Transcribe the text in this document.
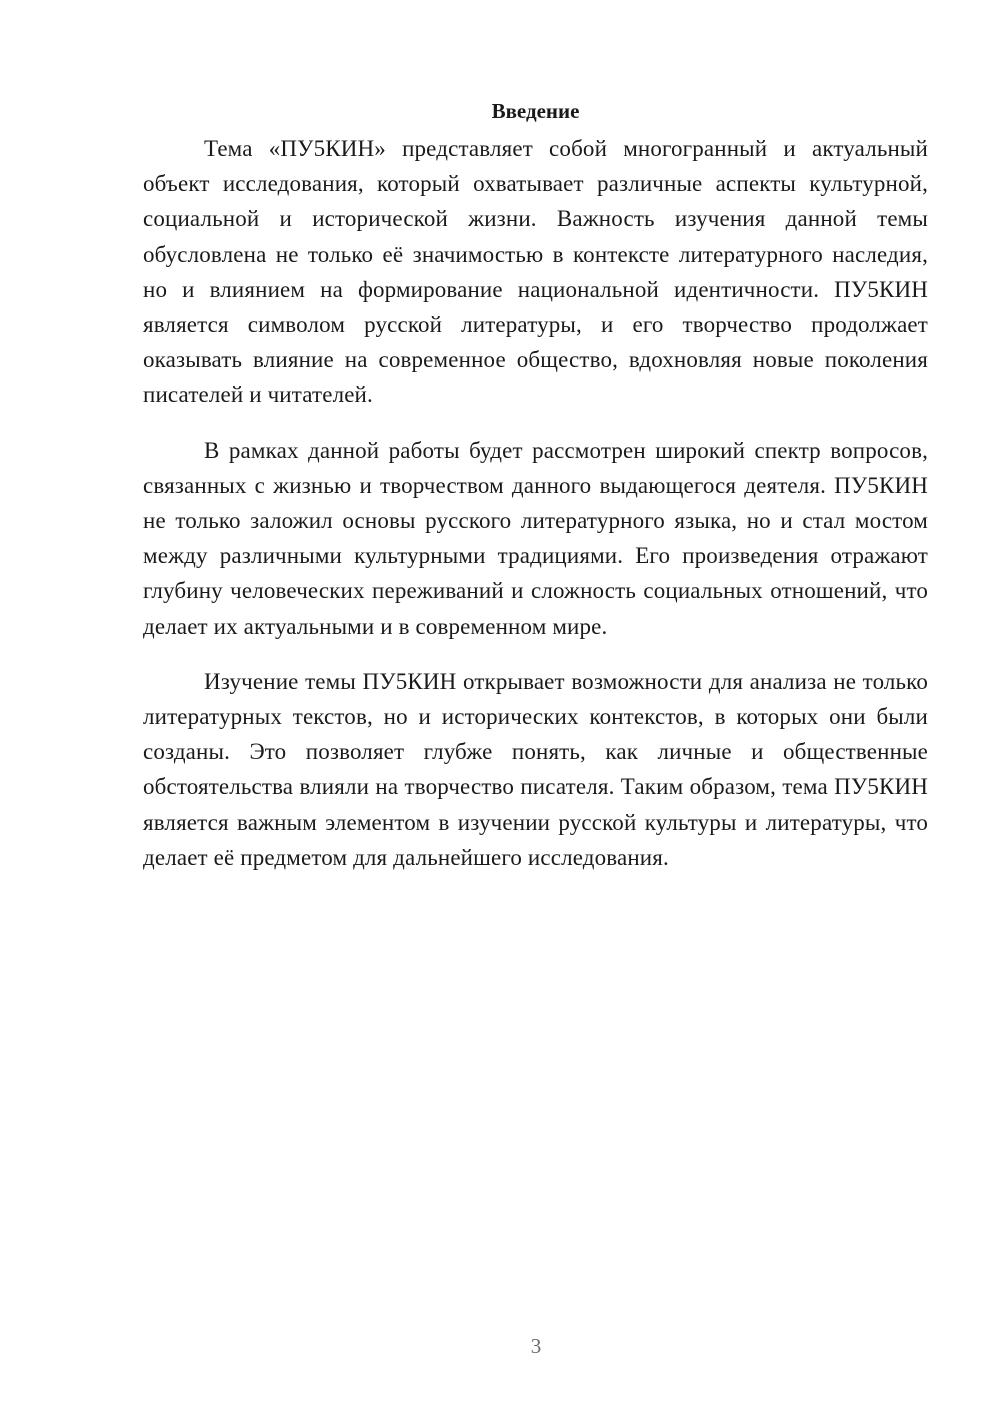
Введение

Тема «ПУ5КИН» представляет собой многогранный и актуальный объект исследования, который охватывает различные аспекты культурной, социальной и исторической жизни. Важность изучения данной темы обусловлена не только её значимостью в контексте литературного наследия, но и влиянием на формирование национальной идентичности. ПУ5КИН является символом русской литературы, и его творчество продолжает оказывать влияние на современное общество, вдохновляя новые поколения писателей и читателей.

В рамках данной работы будет рассмотрен широкий спектр вопросов, связанных с жизнью и творчеством данного выдающегося деятеля. ПУ5КИН не только заложил основы русского литературного языка, но и стал мостом между различными культурными традициями. Его произведения отражают глубину человеческих переживаний и сложность социальных отношений, что делает их актуальными и в современном мире.

Изучение темы ПУ5КИН открывает возможности для анализа не только литературных текстов, но и исторических контекстов, в которых они были созданы. Это позволяет глубже понять, как личные и общественные обстоятельства влияли на творчество писателя. Таким образом, тема ПУ5КИН является важным элементом в изучении русской культуры и литературы, что делает её предметом для дальнейшего исследования.

3
